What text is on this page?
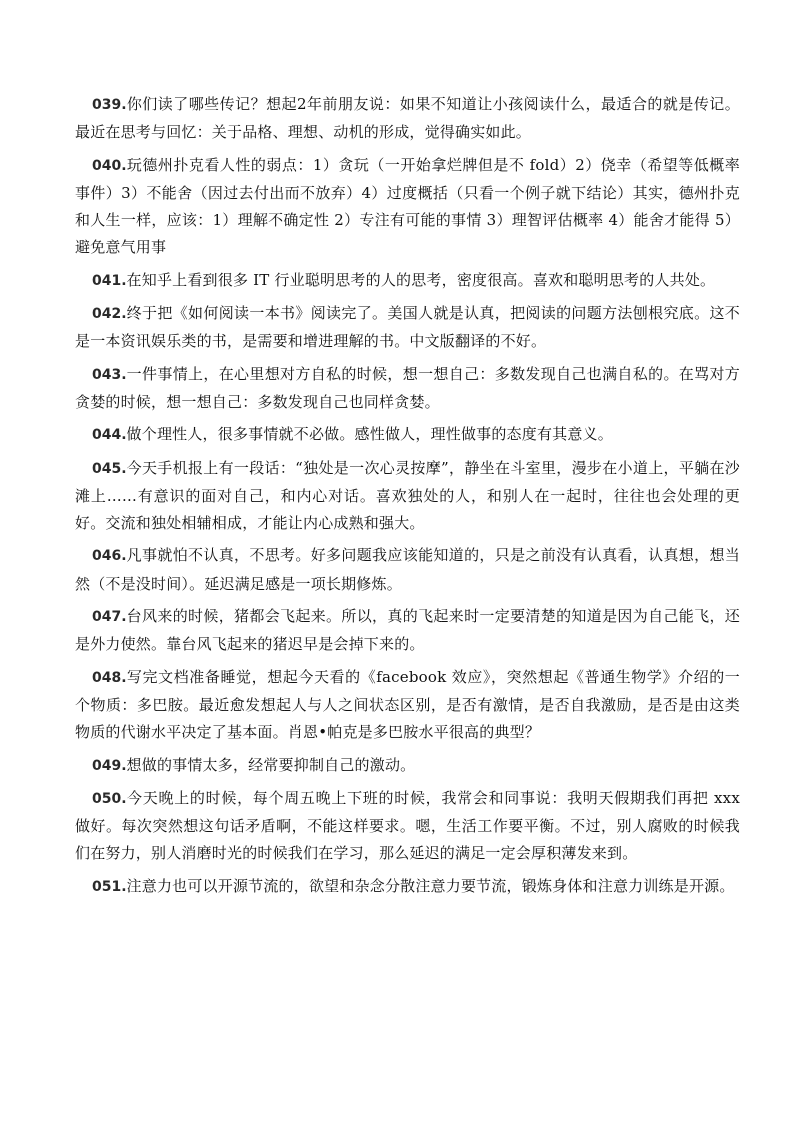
039.你们读了哪些传记？想起2年前朋友说：如果不知道让小孩阅读什么，最适合的就是传记。最近在思考与回忆：关于品格、理想、动机的形成，觉得确实如此。

040.玩德州扑克看人性的弱点：1）贪玩（一开始拿烂牌但是不 fold）2）侥幸（希望等低概率事件）3）不能舍（因过去付出而不放弃）4）过度概括（只看一个例子就下结论）其实，德州扑克和人生一样，应该：1）理解不确定性 2）专注有可能的事情 3）理智评估概率 4）能舍才能得 5）避免意气用事

041.在知乎上看到很多 IT 行业聪明思考的人的思考，密度很高。喜欢和聪明思考的人共处。

042.终于把《如何阅读一本书》阅读完了。美国人就是认真，把阅读的问题方法刨根究底。这不是一本资讯娱乐类的书，是需要和增进理解的书。中文版翻译的不好。

043.一件事情上，在心里想对方自私的时候，想一想自己：多数发现自己也满自私的。在骂对方贪婪的时候，想一想自己：多数发现自己也同样贪婪。

044.做个理性人，很多事情就不必做。感性做人，理性做事的态度有其意义。

045.今天手机报上有一段话：“独处是一次心灵按摩”，静坐在斗室里，漫步在小道上，平躺在沙滩上……有意识的面对自己，和内心对话。喜欢独处的人，和别人在一起时，往往也会处理的更好。交流和独处相辅相成，才能让内心成熟和强大。

046.凡事就怕不认真，不思考。好多问题我应该能知道的，只是之前没有认真看，认真想，想当然（不是没时间）。延迟满足感是一项长期修炼。

047.台风来的时候，猪都会飞起来。所以，真的飞起来时一定要清楚的知道是因为自己能飞，还是外力使然。靠台风飞起来的猪迟早是会掉下来的。

048.写完文档准备睡觉，想起今天看的《facebook 效应》，突然想起《普通生物学》介绍的一个物质：多巴胺。最近愈发想起人与人之间状态区别，是否有激情，是否自我激励，是否是由这类物质的代谢水平决定了基本面。肖恩•帕克是多巴胺水平很高的典型？

049.想做的事情太多，经常要抑制自己的激动。

050.今天晚上的时候，每个周五晚上下班的时候，我常会和同事说：我明天假期我们再把 xxx 做好。每次突然想这句话矛盾啊，不能这样要求。嗯，生活工作要平衡。不过，别人腐败的时候我们在努力，别人消磨时光的时候我们在学习，那么延迟的满足一定会厚积薄发来到。

051.注意力也可以开源节流的，欲望和杂念分散注意力要节流，锻炼身体和注意力训练是开源。
